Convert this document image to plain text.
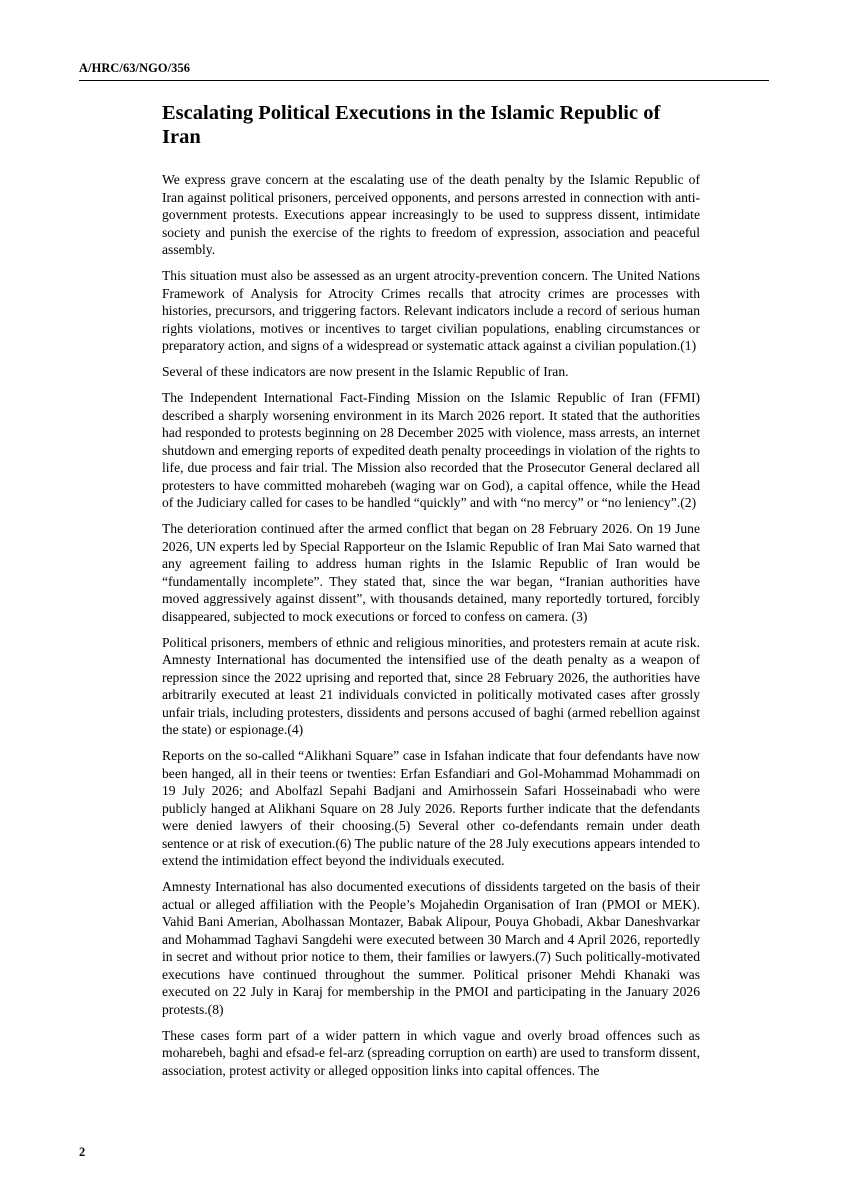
A/HRC/63/NGO/356
Escalating Political Executions in the Islamic Republic of Iran

We express grave concern at the escalating use of the death penalty by the Islamic Republic of Iran against political prisoners, perceived opponents, and persons arrested in connection with anti-government protests. Executions appear increasingly to be used to suppress dissent, intimidate society and punish the exercise of the rights to freedom of expression, association and peaceful assembly.

This situation must also be assessed as an urgent atrocity-prevention concern. The United Nations Framework of Analysis for Atrocity Crimes recalls that atrocity crimes are processes with histories, precursors, and triggering factors. Relevant indicators include a record of serious human rights violations, motives or incentives to target civilian populations, enabling circumstances or preparatory action, and signs of a widespread or systematic attack against a civilian population.(1)

Several of these indicators are now present in the Islamic Republic of Iran.

The Independent International Fact-Finding Mission on the Islamic Republic of Iran (FFMI) described a sharply worsening environment in its March 2026 report. It stated that the authorities had responded to protests beginning on 28 December 2025 with violence, mass arrests, an internet shutdown and emerging reports of expedited death penalty proceedings in violation of the rights to life, due process and fair trial. The Mission also recorded that the Prosecutor General declared all protesters to have committed moharebeh (waging war on God), a capital offence, while the Head of the Judiciary called for cases to be handled “quickly” and with “no mercy” or “no leniency”.(2)

The deterioration continued after the armed conflict that began on 28 February 2026. On 19 June 2026, UN experts led by Special Rapporteur on the Islamic Republic of Iran Mai Sato warned that any agreement failing to address human rights in the Islamic Republic of Iran would be “fundamentally incomplete”. They stated that, since the war began, “Iranian authorities have moved aggressively against dissent”, with thousands detained, many reportedly tortured, forcibly disappeared, subjected to mock executions or forced to confess on camera. (3)

Political prisoners, members of ethnic and religious minorities, and protesters remain at acute risk. Amnesty International has documented the intensified use of the death penalty as a weapon of repression since the 2022 uprising and reported that, since 28 February 2026, the authorities have arbitrarily executed at least 21 individuals convicted in politically motivated cases after grossly unfair trials, including protesters, dissidents and persons accused of baghi (armed rebellion against the state) or espionage.(4)

Reports on the so-called “Alikhani Square” case in Isfahan indicate that four defendants have now been hanged, all in their teens or twenties: Erfan Esfandiari and Gol-Mohammad Mohammadi on 19 July 2026; and Abolfazl Sepahi Badjani and Amirhossein Safari Hosseinabadi who were publicly hanged at Alikhani Square on 28 July 2026. Reports further indicate that the defendants were denied lawyers of their choosing.(5) Several other co-defendants remain under death sentence or at risk of execution.(6) The public nature of the 28 July executions appears intended to extend the intimidation effect beyond the individuals executed.

Amnesty International has also documented executions of dissidents targeted on the basis of their actual or alleged affiliation with the People’s Mojahedin Organisation of Iran (PMOI or MEK). Vahid Bani Amerian, Abolhassan Montazer, Babak Alipour, Pouya Ghobadi, Akbar Daneshvarkar and Mohammad Taghavi Sangdehi were executed between 30 March and 4 April 2026, reportedly in secret and without prior notice to them, their families or lawyers.(7) Such politically-motivated executions have continued throughout the summer. Political prisoner Mehdi Khanaki was executed on 22 July in Karaj for membership in the PMOI and participating in the January 2026 protests.(8)

These cases form part of a wider pattern in which vague and overly broad offences such as moharebeh, baghi and efsad-e fel-arz (spreading corruption on earth) are used to transform dissent, association, protest activity or alleged opposition links into capital offences. The

2
